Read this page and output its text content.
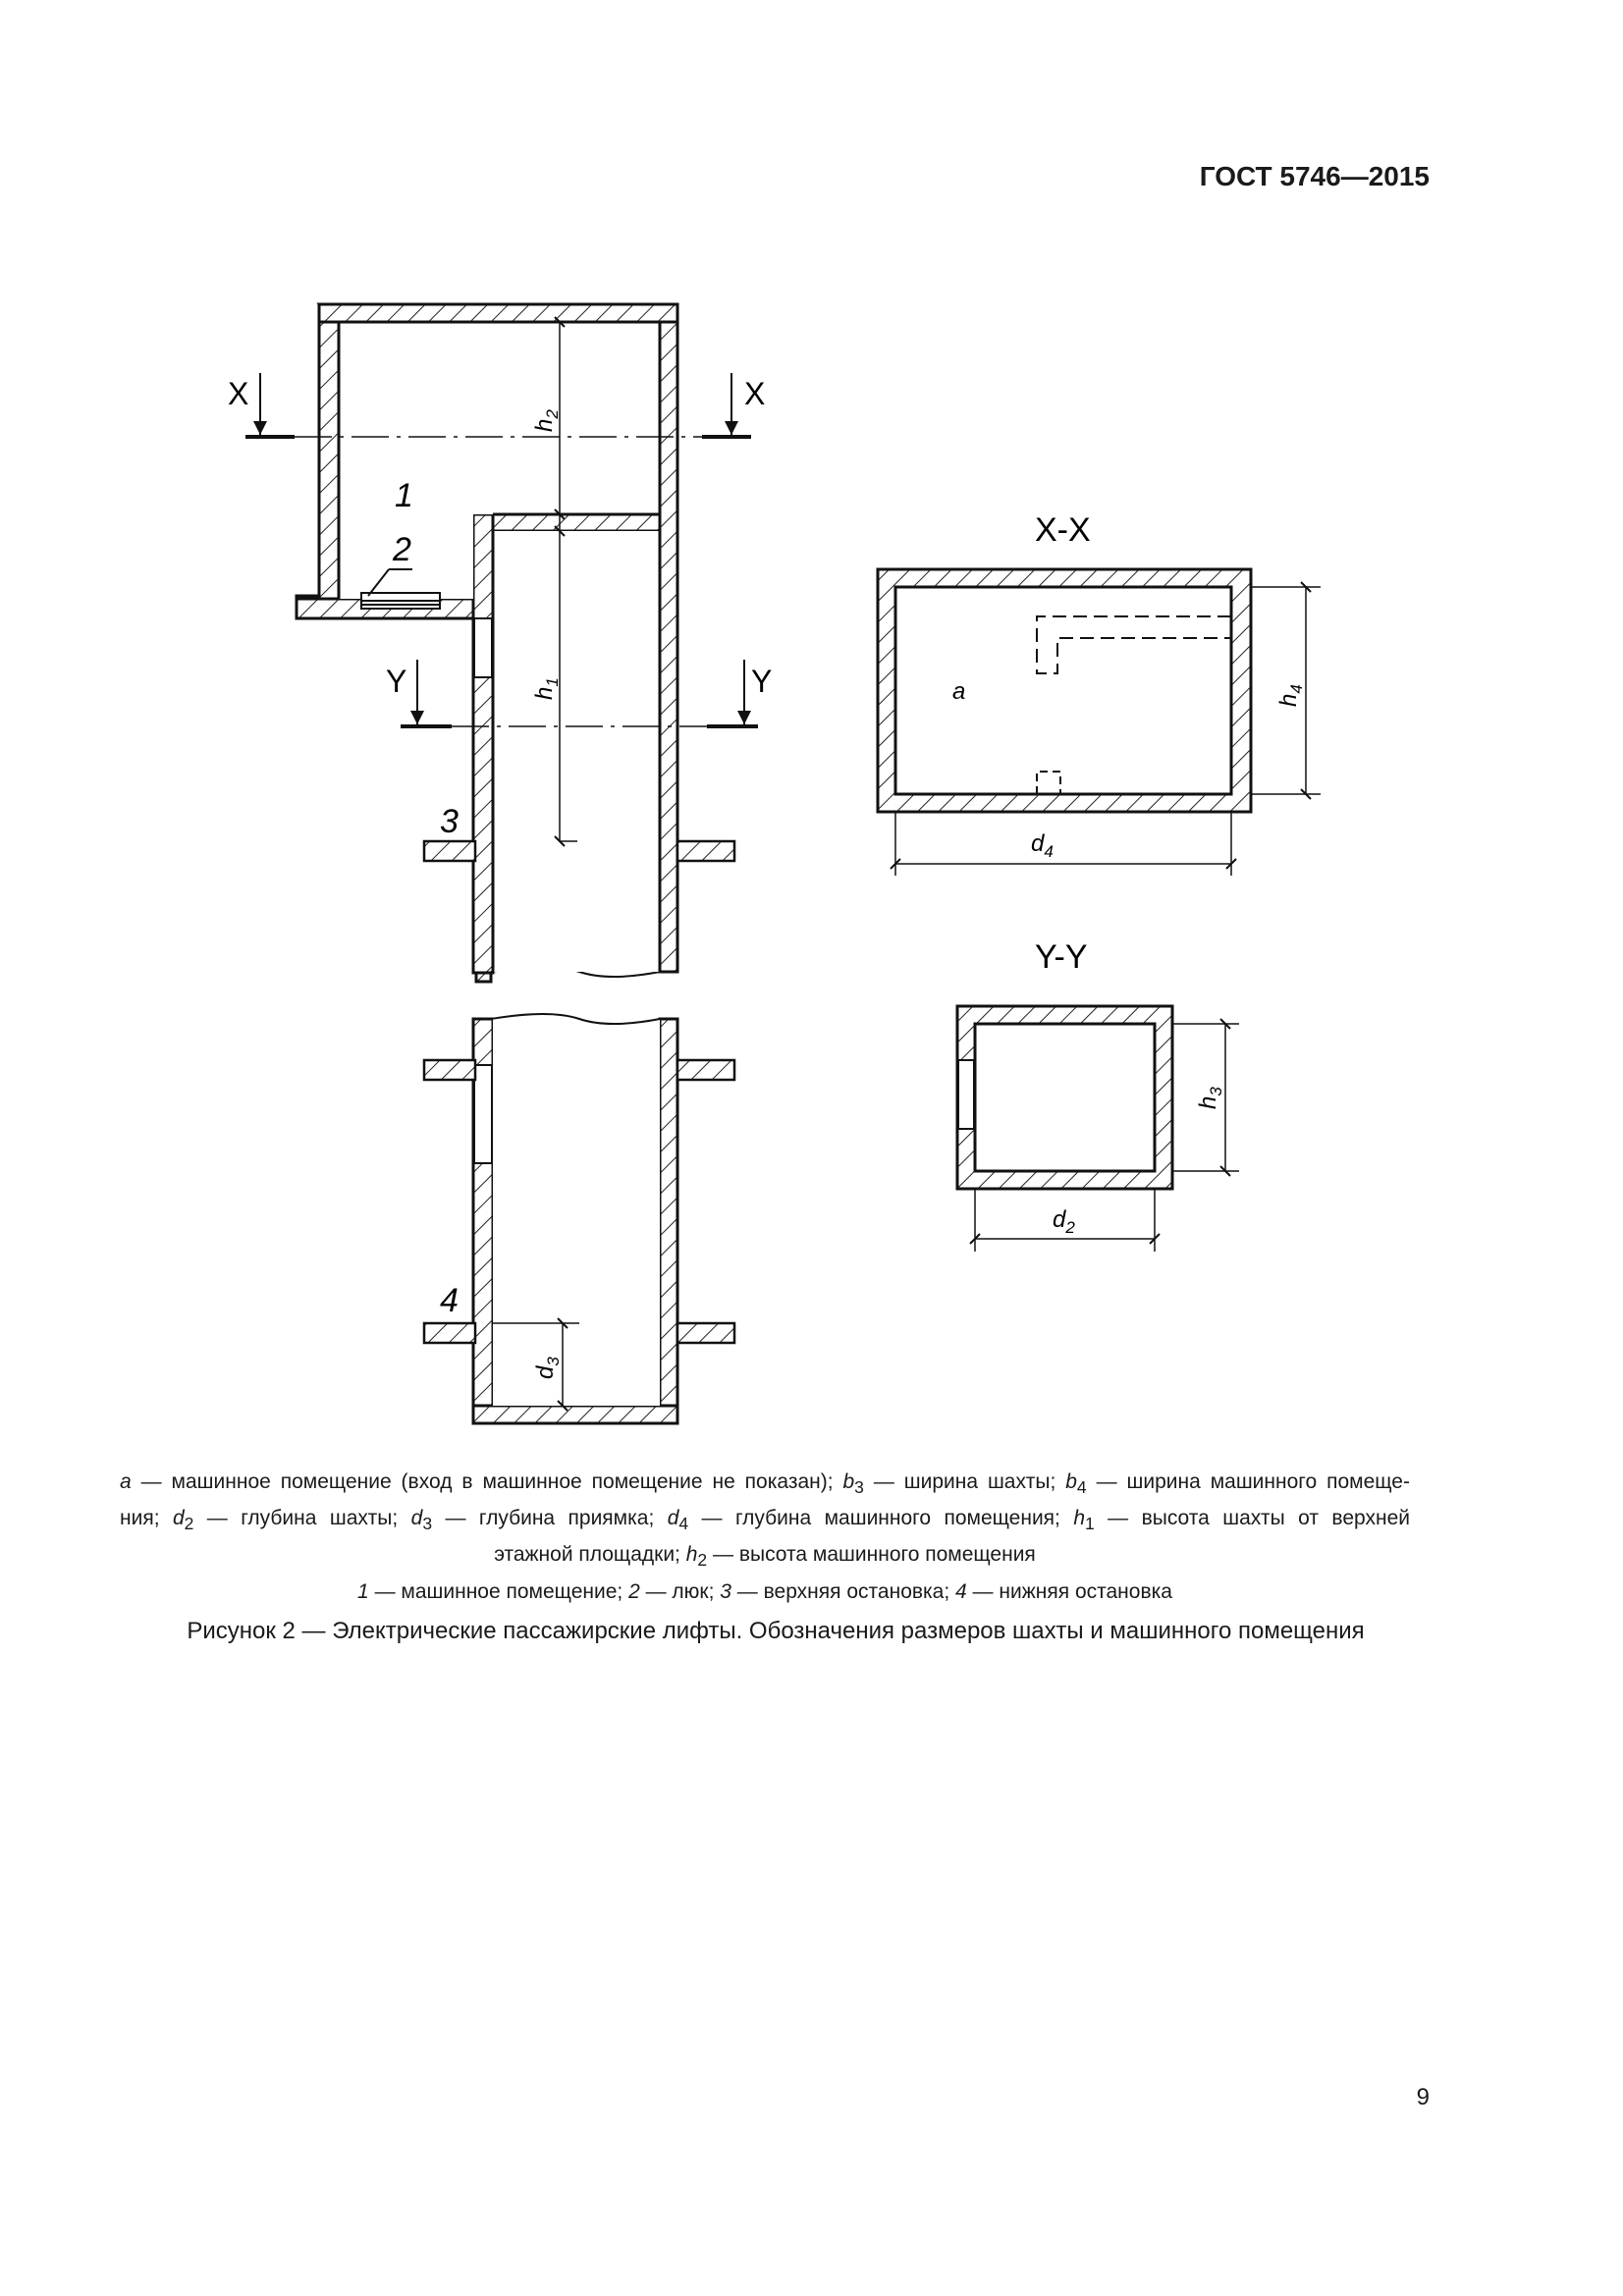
ГОСТ 5746—2015
X	X
Y	Y
$h_2$
$h_1$
$d_3$
1
2
3
4
X-X
a	$h_4$
$d_4$
Y-Y
$h_3$
$d_2$

a — машинное помещение (вход в машинное помещение не показан); $b_3$ — ширина шахты; $b_4$ — ширина машинного помеще-

ния; $d_2$ — глубина шахты; $d_3$ — глубина приямка; $d_4$ — глубина машинного помещения; $h_1$ — высота шахты от верхней

этажной площадки; $h_2$ — высота машинного помещения

1 — машинное помещение; 2 — люк; 3 — верхняя остановка; 4 — нижняя остановка

Рисунок 2 — Электрические пассажирские лифты. Обозначения размеров шахты и машинного помещения
9
